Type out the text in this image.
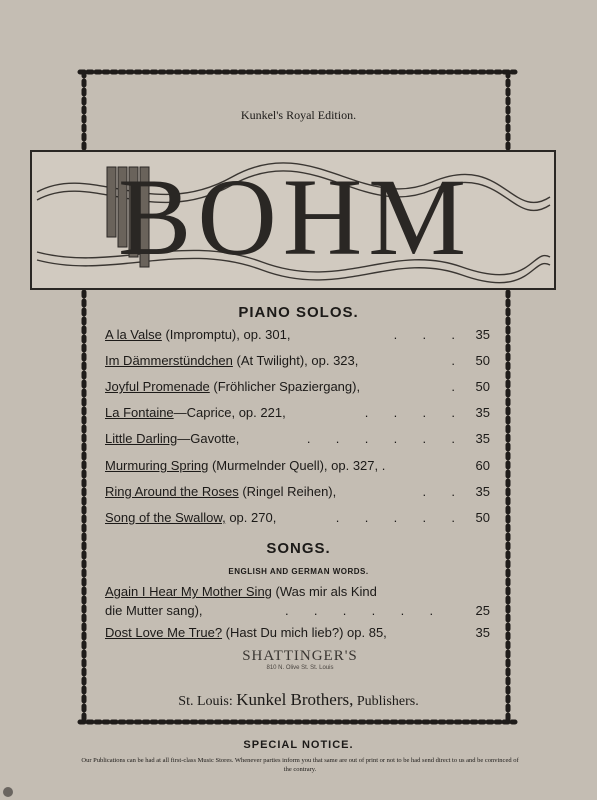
Kunkel's Royal Edition.
BOHM
PIANO SOLOS.
A la Valse (Impromptu), op. 301,	.       .       .	35
Im Dämmerstündchen (At Twilight), op. 323,	.	50
Joyful Promenade (Fröhlicher Spaziergang),	.	50
La Fontaine—Caprice, op. 221,	.       .       .       .	35
Little Darling—Gavotte,	.       .       .       .       .       .	35
Murmuring Spring (Murmelnder Quell), op. 327, .	60
Ring Around the Roses (Ringel Reihen),	.       .	35
Song of the Swallow, op. 270,	.       .       .       .       .	50
SONGS.
ENGLISH AND GERMAN WORDS.
Again I Hear My Mother Sing (Was mir als Kind
die Mutter sang),	.       .       .       .       .       .	25
Dost Love Me True? (Hast Du mich lieb?) op. 85,	35
SHATTINGER'S
810 N. Olive St. St. Louis
St. Louis: Kunkel Brothers, Publishers.
SPECIAL NOTICE.
Our Publications can be had at all first-class Music Stores. Whenever parties inform you that same are out of print or not to be had send direct to us and be convinced of the contrary.
